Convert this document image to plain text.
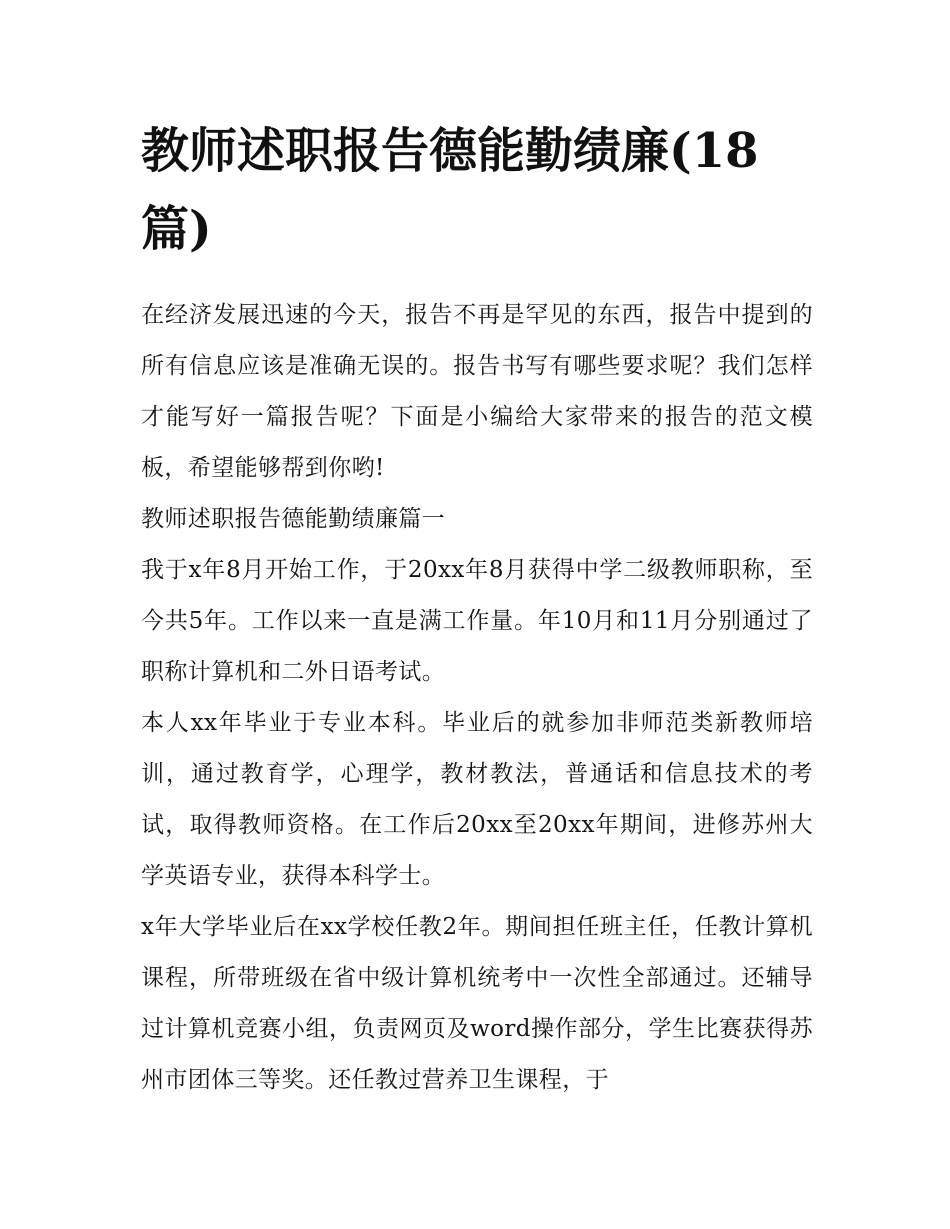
教师述职报告德能勤绩廉(18篇)

在经济发展迅速的今天，报告不再是罕见的东西，报告中提到的所有信息应该是准确无误的。报告书写有哪些要求呢？我们怎样才能写好一篇报告呢？下面是小编给大家带来的报告的范文模板，希望能够帮到你哟!

教师述职报告德能勤绩廉篇一

我于x年8月开始工作，于20xx年8月获得中学二级教师职称，至今共5年。工作以来一直是满工作量。年10月和11月分别通过了职称计算机和二外日语考试。

本人xx年毕业于专业本科。毕业后的就参加非师范类新教师培训，通过教育学，心理学，教材教法，普通话和信息技术的考试，取得教师资格。在工作后20xx至20xx年期间，进修苏州大学英语专业，获得本科学士。

x年大学毕业后在xx学校任教2年。期间担任班主任，任教计算机课程，所带班级在省中级计算机统考中一次性全部通过。还辅导过计算机竞赛小组，负责网页及word操作部分，学生比赛获得苏州市团体三等奖。还任教过营养卫生课程，于
